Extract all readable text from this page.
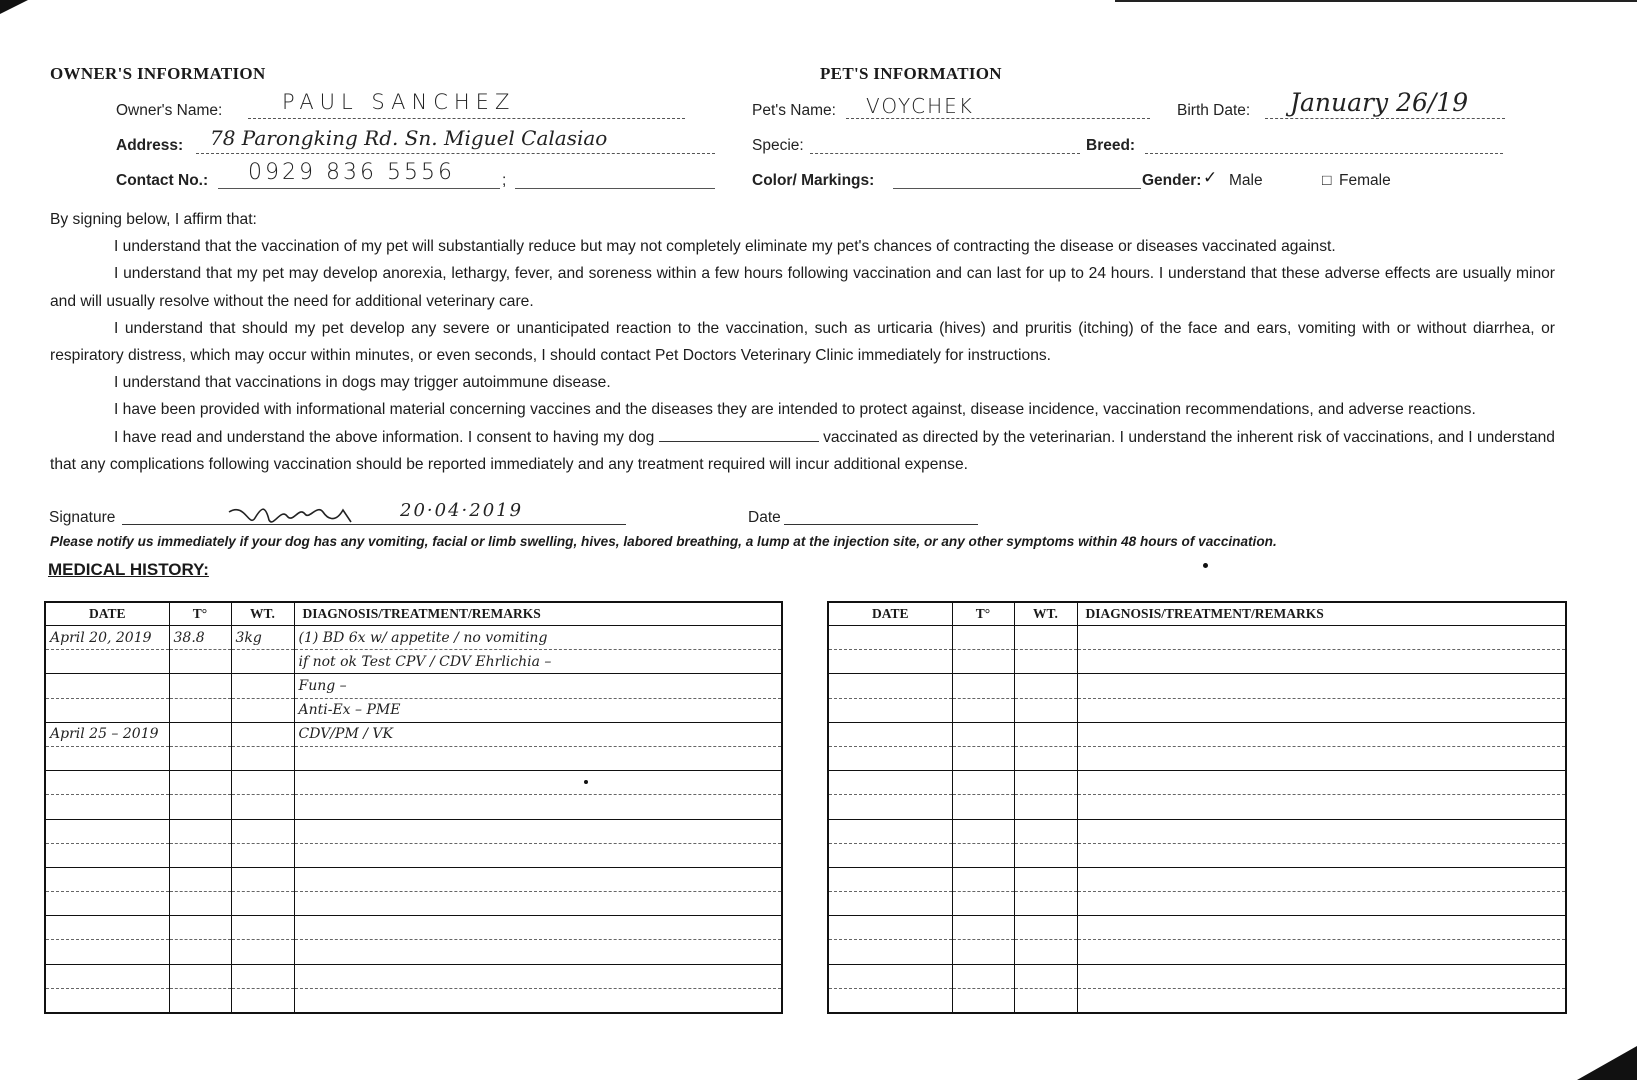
OWNER'S INFORMATION
Owner's Name:	PAUL SANCHEZ
Address: 78 Parongking Rd. Sn. Miguel Calasiao
Contact No.: 0929 836 5556	;
PET'S INFORMATION
Pet's Name: VOYCHEK	Birth Date: January 26/19
Specie:	Breed:
Color/ Markings:	Gender: ✓ Male	□ Female

By signing below, I affirm that:

I understand that the vaccination of my pet will substantially reduce but may not completely eliminate my pet's chances of contracting the disease or diseases vaccinated against.

I understand that my pet may develop anorexia, lethargy, fever, and soreness within a few hours following vaccination and can last for up to 24 hours. I understand that these adverse effects are usually minor and will usually resolve without the need for additional veterinary care.

I understand that should my pet develop any severe or unanticipated reaction to the vaccination, such as urticaria (hives) and pruritis (itching) of the face and ears, vomiting with or without diarrhea, or respiratory distress, which may occur within minutes, or even seconds, I should contact Pet Doctors Veterinary Clinic immediately for instructions.

I understand that vaccinations in dogs may trigger autoimmune disease.

I have been provided with informational material concerning vaccines and the diseases they are intended to protect against, disease incidence, vaccination recommendations, and adverse reactions.

I have read and understand the above information. I consent to having my dog	vaccinated as directed by the veterinarian. I understand the inherent risk of vaccinations, and I understand that any complications following vaccination should be reported immediately and any treatment required will incur additional expense.

Signature	20·04·2019	Date
Please notify us immediately if your dog has any vomiting, facial or limb swelling, hives, labored breathing, a lump at the injection site, or any other symptoms within 48 hours of vaccination.
MEDICAL HISTORY:
DATE	T°	WT.	DIAGNOSIS/TREATMENT/REMARKS
April 20, 2019	38.8	3kg	(1) BD 6x w/ appetite / no vomiting
			if not ok Test CPV / CDV Ehrlichia –
			Fung –
			Anti-Ex – PME
April 25 – 2019			CDV/PM / VK

DATE	T°	WT.	DIAGNOSIS/TREATMENT/REMARKS
